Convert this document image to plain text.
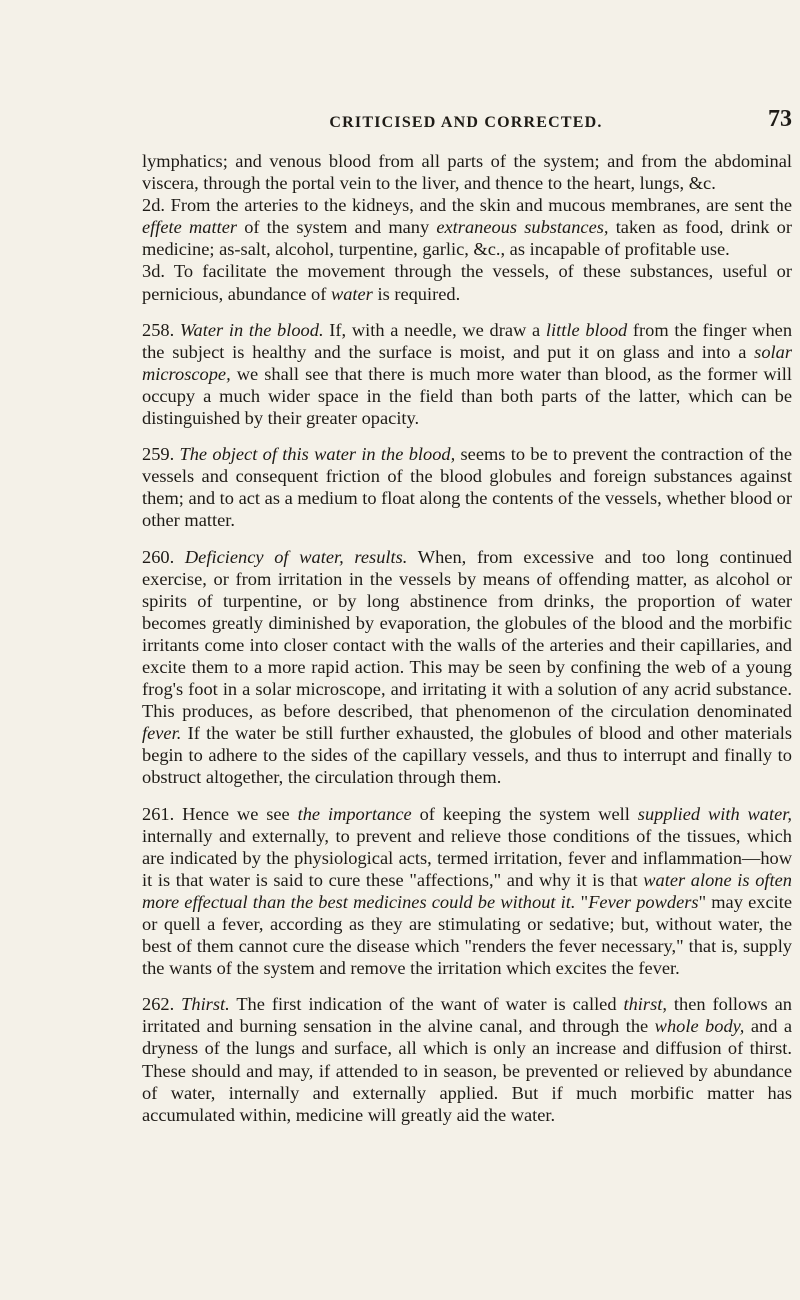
CRITICISED AND CORRECTED.	73

lymphatics; and venous blood from all parts of the system; and from the abdominal viscera, through the portal vein to the liver, and thence to the heart, lungs, &c.

2d. From the arteries to the kidneys, and the skin and mucous membranes, are sent the effete matter of the system and many extraneous substances, taken as food, drink or medicine; as-salt, alcohol, turpentine, garlic, &c., as incapable of profitable use.

3d. To facilitate the movement through the vessels, of these substances, useful or pernicious, abundance of water is required.

258. Water in the blood. If, with a needle, we draw a little blood from the finger when the subject is healthy and the surface is moist, and put it on glass and into a solar microscope, we shall see that there is much more water than blood, as the former will occupy a much wider space in the field than both parts of the latter, which can be distinguished by their greater opacity.

259. The object of this water in the blood, seems to be to prevent the contraction of the vessels and consequent friction of the blood globules and foreign substances against them; and to act as a medium to float along the contents of the vessels, whether blood or other matter.

260. Deficiency of water, results. When, from excessive and too long continued exercise, or from irritation in the vessels by means of offending matter, as alcohol or spirits of turpentine, or by long abstinence from drinks, the proportion of water becomes greatly diminished by evaporation, the globules of the blood and the morbific irritants come into closer contact with the walls of the arteries and their capillaries, and excite them to a more rapid action. This may be seen by confining the web of a young frog's foot in a solar microscope, and irritating it with a solution of any acrid substance. This produces, as before described, that phenomenon of the circulation denominated fever. If the water be still further exhausted, the globules of blood and other materials begin to adhere to the sides of the capillary vessels, and thus to interrupt and finally to obstruct altogether, the circulation through them.

261. Hence we see the importance of keeping the system well supplied with water, internally and externally, to prevent and relieve those conditions of the tissues, which are indicated by the physiological acts, termed irritation, fever and inflammation—how it is that water is said to cure these "affections," and why it is that water alone is often more effectual than the best medicines could be without it. "Fever powders" may excite or quell a fever, according as they are stimulating or sedative; but, without water, the best of them cannot cure the disease which "renders the fever necessary," that is, supply the wants of the system and remove the irritation which excites the fever.

262. Thirst. The first indication of the want of water is called thirst, then follows an irritated and burning sensation in the alvine canal, and through the whole body, and a dryness of the lungs and surface, all which is only an increase and diffusion of thirst. These should and may, if attended to in season, be prevented or relieved by abundance of water, internally and externally applied. But if much morbific matter has accumulated within, medicine will greatly aid the water.
